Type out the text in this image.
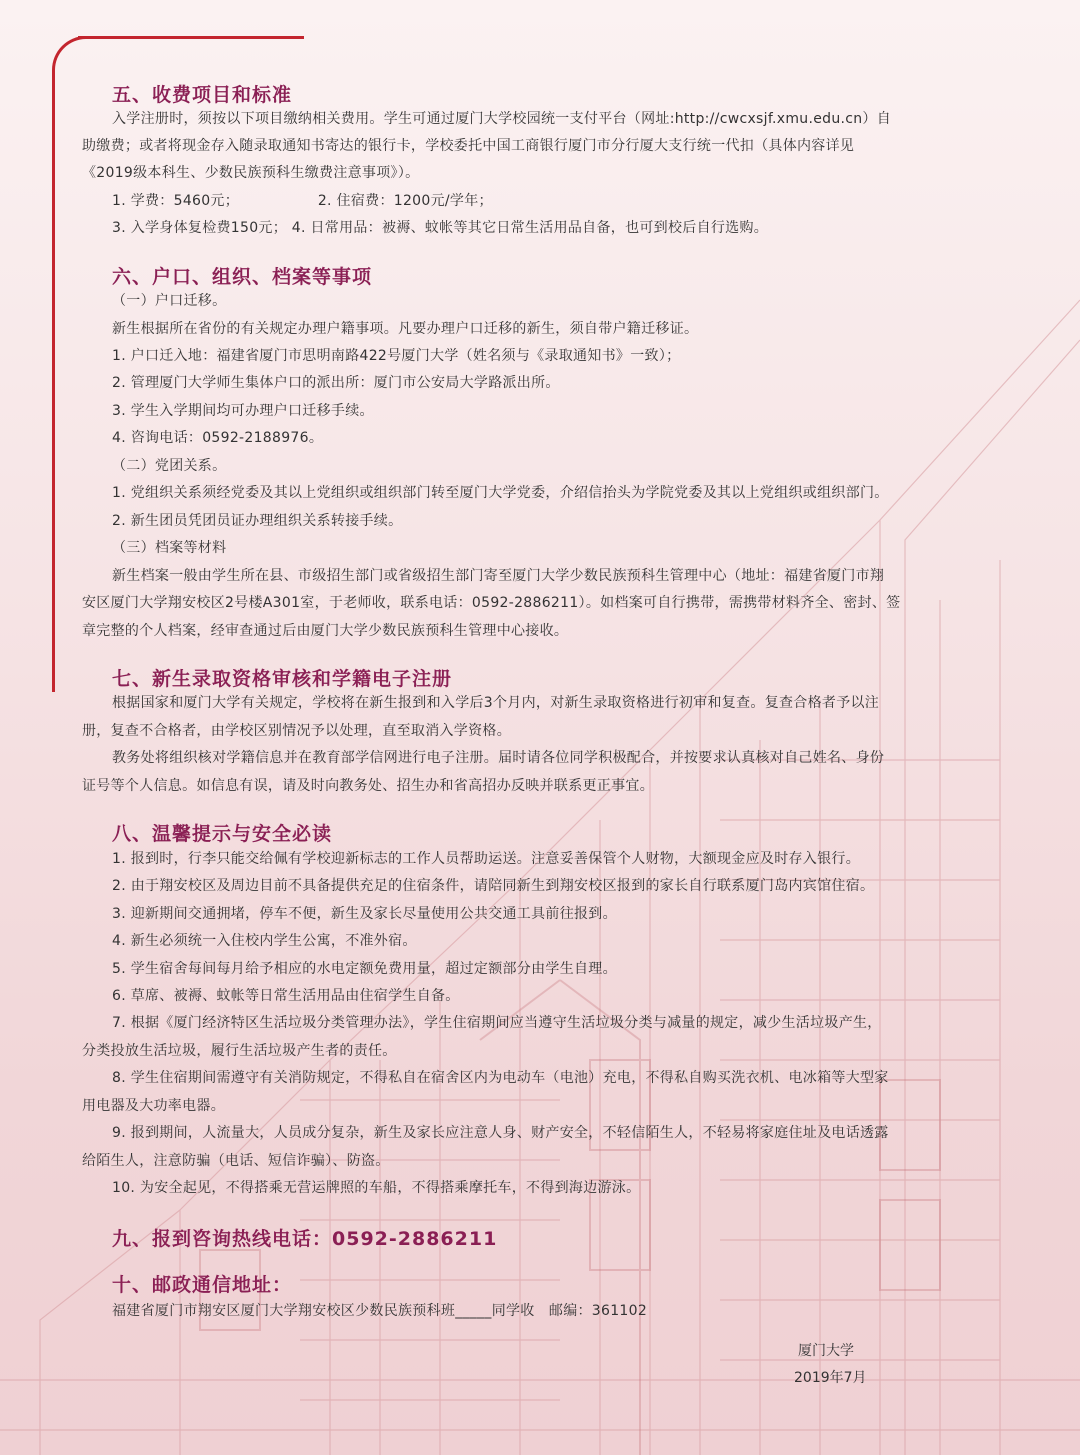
五、收费项目和标准
入学注册时，须按以下项目缴纳相关费用。学生可通过厦门大学校园统一支付平台（网址:http://cwcxsjf.xmu.edu.cn）自
助缴费；或者将现金存入随录取通知书寄达的银行卡，学校委托中国工商银行厦门市分行厦大支行统一代扣（具体内容详见
《2019级本科生、少数民族预科生缴费注意事项》）。
1. 学费：5460元；　　　　　　2. 住宿费：1200元/学年；
3. 入学身体复检费150元； 4. 日常用品：被褥、蚊帐等其它日常生活用品自备，也可到校后自行选购。
六、户口、组织、档案等事项
（一）户口迁移。
新生根据所在省份的有关规定办理户籍事项。凡要办理户口迁移的新生，须自带户籍迁移证。
1. 户口迁入地：福建省厦门市思明南路422号厦门大学（姓名须与《录取通知书》一致）；
2. 管理厦门大学师生集体户口的派出所：厦门市公安局大学路派出所。
3. 学生入学期间均可办理户口迁移手续。
4. 咨询电话：0592-2188976。
（二）党团关系。
1. 党组织关系须经党委及其以上党组织或组织部门转至厦门大学党委，介绍信抬头为学院党委及其以上党组织或组织部门。
2. 新生团员凭团员证办理组织关系转接手续。
（三）档案等材料
新生档案一般由学生所在县、市级招生部门或省级招生部门寄至厦门大学少数民族预科生管理中心（地址：福建省厦门市翔
安区厦门大学翔安校区2号楼A301室，于老师收，联系电话：0592-2886211）。如档案可自行携带，需携带材料齐全、密封、签
章完整的个人档案，经审查通过后由厦门大学少数民族预科生管理中心接收。
七、新生录取资格审核和学籍电子注册
根据国家和厦门大学有关规定，学校将在新生报到和入学后3个月内，对新生录取资格进行初审和复查。复查合格者予以注
册，复查不合格者，由学校区别情况予以处理，直至取消入学资格。
教务处将组织核对学籍信息并在教育部学信网进行电子注册。届时请各位同学积极配合，并按要求认真核对自己姓名、身份
证号等个人信息。如信息有误，请及时向教务处、招生办和省高招办反映并联系更正事宜。
八、温馨提示与安全必读
1. 报到时，行李只能交给佩有学校迎新标志的工作人员帮助运送。注意妥善保管个人财物，大额现金应及时存入银行。
2. 由于翔安校区及周边目前不具备提供充足的住宿条件，请陪同新生到翔安校区报到的家长自行联系厦门岛内宾馆住宿。
3. 迎新期间交通拥堵，停车不便，新生及家长尽量使用公共交通工具前往报到。
4. 新生必须统一入住校内学生公寓，不准外宿。
5. 学生宿舍每间每月给予相应的水电定额免费用量，超过定额部分由学生自理。
6. 草席、被褥、蚊帐等日常生活用品由住宿学生自备。
7. 根据《厦门经济特区生活垃圾分类管理办法》，学生住宿期间应当遵守生活垃圾分类与减量的规定，减少生活垃圾产生，
分类投放生活垃圾，履行生活垃圾产生者的责任。
8. 学生住宿期间需遵守有关消防规定，不得私自在宿舍区内为电动车（电池）充电，不得私自购买洗衣机、电冰箱等大型家
用电器及大功率电器。
9. 报到期间，人流量大，人员成分复杂，新生及家长应注意人身、财产安全，不轻信陌生人，不轻易将家庭住址及电话透露
给陌生人，注意防骗（电话、短信诈骗）、防盗。
10. 为安全起见，不得搭乘无营运牌照的车船，不得搭乘摩托车，不得到海边游泳。
九、报到咨询热线电话：0592-2886211
十、邮政通信地址：
福建省厦门市翔安区厦门大学翔安校区少数民族预科班_____同学收　邮编：361102
厦门大学
2019年7月
